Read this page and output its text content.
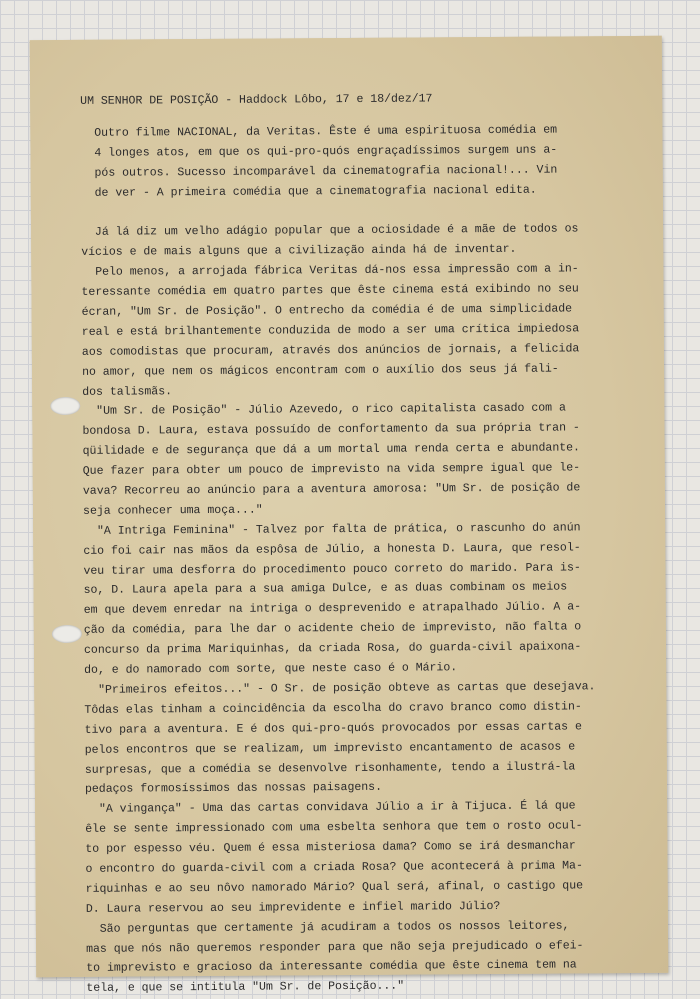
UM SENHOR DE POSIÇÃO - Haddock Lôbo, 17 e 18/dez/17
Outro filme NACIONAL, da Veritas. Êste é uma espirituosa comédia em
4 longes atos, em que os qui-pro-quós engraçadíssimos surgem uns a-
pós outros. Sucesso incomparável da cinematografia nacional!... Vin
de ver - A primeira comédia que a cinematografia nacional edita.
Já lá diz um velho adágio popular que a ociosidade é a mãe de todos os
vícios e de mais alguns que a civilização ainda há de inventar.
Pelo menos, a arrojada fábrica Veritas dá-nos essa impressão com a in-
teressante comédia em quatro partes que êste cinema está exibindo no seu
écran, "Um Sr. de Posição". O entrecho da comédia é de uma simplicidade
real e está brilhantemente conduzida de modo a ser uma crítica impiedosa
aos comodistas que procuram, através dos anúncios de jornais, a felicida
no amor, que nem os mágicos encontram com o auxílio dos seus já fali-
dos talismãs.
"Um Sr. de Posição" - Júlio Azevedo, o rico capitalista casado com a
bondosa D. Laura, estava possuído de confortamento da sua própria tran -
qüilidade e de segurança que dá a um mortal uma renda certa e abundante.
Que fazer para obter um pouco de imprevisto na vida sempre igual que le-
vava? Recorreu ao anúncio para a aventura amorosa: "Um Sr. de posição de
seja conhecer uma moça..."
"A Intriga Feminina" - Talvez por falta de prática, o rascunho do anún
cio foi cair nas mãos da espôsa de Júlio, a honesta D. Laura, que resol-
veu tirar uma desforra do procedimento pouco correto do marido. Para is-
so, D. Laura apela para a sua amiga Dulce, e as duas combinam os meios
em que devem enredar na intriga o desprevenido e atrapalhado Júlio. A a-
ção da comédia, para lhe dar o acidente cheio de imprevisto, não falta o
concurso da prima Mariquinhas, da criada Rosa, do guarda-civil apaixona-
do, e do namorado com sorte, que neste caso é o Mário.
"Primeiros efeitos..." - O Sr. de posição obteve as cartas que desejava.
Tôdas elas tinham a coincidência da escolha do cravo branco como distin-
tivo para a aventura. E é dos qui-pro-quós provocados por essas cartas e
pelos encontros que se realizam, um imprevisto encantamento de acasos e
surpresas, que a comédia se desenvolve risonhamente, tendo a ilustrá-la
pedaços formosíssimos das nossas paisagens.
"A vingança" - Uma das cartas convidava Júlio a ir à Tijuca. É lá que
êle se sente impressionado com uma esbelta senhora que tem o rosto ocul-
to por espesso véu. Quem é essa misteriosa dama? Como se irá desmanchar
o encontro do guarda-civil com a criada Rosa? Que acontecerá à prima Ma-
riquinhas e ao seu nôvo namorado Mário? Qual será, afinal, o castigo que
D. Laura reservou ao seu imprevidente e infiel marido Júlio?
São perguntas que certamente já acudiram a todos os nossos leitores,
mas que nós não queremos responder para que não seja prejudicado o efei-
to imprevisto e gracioso da interessante comédia que êste cinema tem na
tela, e que se intitula "Um Sr. de Posição..."
